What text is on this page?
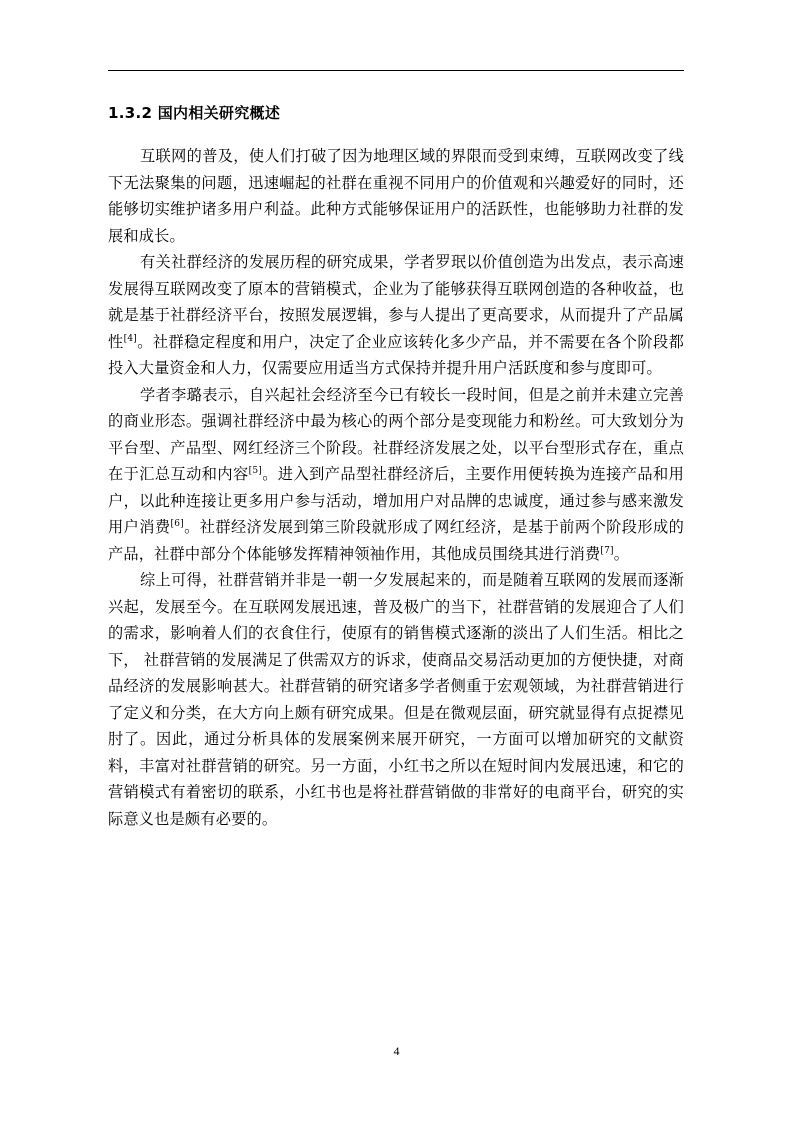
1.3.2 国内相关研究概述

互联网的普及，使人们打破了因为地理区域的界限而受到束缚，互联网改变了线下无法聚集的问题，迅速崛起的社群在重视不同用户的价值观和兴趣爱好的同时，还能够切实维护诸多用户利益。此种方式能够保证用户的活跃性，也能够助力社群的发展和成长。

有关社群经济的发展历程的研究成果，学者罗珉以价值创造为出发点，表示高速发展得互联网改变了原本的营销模式，企业为了能够获得互联网创造的各种收益，也就是基于社群经济平台，按照发展逻辑，参与人提出了更高要求，从而提升了产品属性[4]。社群稳定程度和用户，决定了企业应该转化多少产品，并不需要在各个阶段都投入大量资金和人力，仅需要应用适当方式保持并提升用户活跃度和参与度即可。

学者李璐表示，自兴起社会经济至今已有较长一段时间，但是之前并未建立完善的商业形态。强调社群经济中最为核心的两个部分是变现能力和粉丝。可大致划分为平台型、产品型、网红经济三个阶段。社群经济发展之处，以平台型形式存在，重点在于汇总互动和内容[5]。进入到产品型社群经济后，主要作用便转换为连接产品和用户，以此种连接让更多用户参与活动，增加用户对品牌的忠诚度，通过参与感来激发用户消费[6]。社群经济发展到第三阶段就形成了网红经济，是基于前两个阶段形成的产品，社群中部分个体能够发挥精神领袖作用，其他成员围绕其进行消费[7]。

综上可得，社群营销并非是一朝一夕发展起来的，而是随着互联网的发展而逐渐兴起，发展至今。在互联网发展迅速，普及极广的当下，社群营销的发展迎合了人们的需求，影响着人们的衣食住行，使原有的销售模式逐渐的淡出了人们生活。相比之下， 社群营销的发展满足了供需双方的诉求，使商品交易活动更加的方便快捷，对商品经济的发展影响甚大。社群营销的研究诸多学者侧重于宏观领域，为社群营销进行了定义和分类，在大方向上颇有研究成果。但是在微观层面，研究就显得有点捉襟见肘了。因此，通过分析具体的发展案例来展开研究，一方面可以增加研究的文献资料，丰富对社群营销的研究。另一方面，小红书之所以在短时间内发展迅速，和它的营销模式有着密切的联系，小红书也是将社群营销做的非常好的电商平台，研究的实际意义也是颇有必要的。

4
